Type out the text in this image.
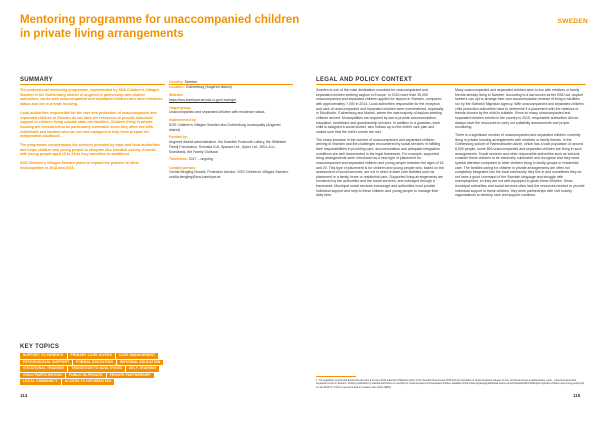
Mentoring programme for unaccompanied children in private living arrangements
SUMMARY

The professional mentoring programme, implemented by SOS Children's Villages Sweden in the Gothenburg district of Angered in partnership with district authorities, works with unaccompanied and separated children who have residence status and live in private housing.

Local authorities responsible for the care and protection of unaccompanied and separated children in Sweden do not have the resources to provide individual support to children living outside state-run facilities. Children living in private housing are considered to be particularly vulnerable since they often live with individuals and families who are not well-equipped to help them prepare for independent adulthood.

The programme complements the services provided by state and local authorities and helps children and young people to integrate into Swedish society. It works with young people aged 15 to 23 as they transition to adulthood.

SOS Children's Villages Sweden plans to expand the practice to other municipalities in 2018 and 2019.

Country: Sweden
Location: Gothenburg (Angered district)
Website:
https://sos-barnbyar.se/vad-vi-gor/i-sverige/
Target group:
Unaccompanied and separated children with residence status
Implemented by:
SOS Children's Villages Sweden and Gothenburg municipality (Angered district)
Funded by:
Angered district administration, the Swedish Postcode Lottery, the Stiftelsen Familj Foundation, Svenska ICA, Sparare Ltd., Ayton Ltd., DELLA Lt., Swedbank, the Family Olofsson
Timeframe: 2017 – ongoing
Contact person:
Cecilia Bergling Nunsöt, Protection Advisor, SOS Children's Villages Sweden, cecilia.bergling@sos-barnbyar.se
KEY TOPICS
SUPPORT TO PARENTS	PRIMARY CARE GIVERS	CASE MANAGEMENT
PSYCHOSOCIAL SUPPORT	FORMAL EDUCATION	INFORMAL EDUCATION
VOCATIONAL TRAINING	TRANSITION TO ADULTHOOD	SELF-TRAINING
CHILD PARTICIPATION	PUBLIC IN-PRIVATE	PRIVATE PARTNERSHIP
LOCAL COMMUNITY	ACCESS TO INFORMATION
114
SWEDEN
LEGAL AND POLICY CONTEXT

Sweden is one of the main destination countries for unaccompanied and separated children seeking asylum in Europe. In 2015 more than 35,000 unaccompanied and separated children applied for asylum in Sweden, compared with approximately 7,000 in 2014. Local authorities responsible for the reception and care of unaccompanied and separated children were overwhelmed, especially in Stockholm, Gothenburg and Malmö, where the vast majority of asylum-seeking children arrived. Municipalities are required by law to provide accommodation, education, healthcare and guardianship services. In addition to a guardian, each child is assigned a social worker, who follows up on the child's care plan and makes sure that the child's needs are met.

The sharp increase in the number of unaccompanied and separated children arriving in Sweden and the challenges encountered by social services in fulfilling their responsibilities in providing care, accommodation and adequate integration conditions are well documented in the legal framework. For example, supported living arrangements were introduced as a new type of placement for unaccompanied and separated children and young people between the ages of 16 and 20. This type of placement is for children and young people who, based on the assessment of social services, are not in need of state care facilities such as placement in a family home or residential care. Supported living arrangements are monitored by the authorities and the social services, and managed through a framework. Municipal social services encourage and authorities must provide individual support and help to these children and young people to manage their daily lives.

Many unaccompanied and separated children wish to live with relatives or family friends already living in Sweden. According to a law known as the EBO act, asylum seekers can opt to arrange their own accommodation instead of living in facilities run by the Swedish Migration Agency. With unaccompanied and separated children, child protection authorities have to determine if a placement with the relatives or friends chosen by the child is suitable. Since so many unaccompanied and separated children arrived in the country in 2015, responsible authorities did not always have the resources to carry out suitability assessments and proper monitoring.

There is a significant number of unaccompanied and separated children currently living in private housing arrangements with relatives or family friends. In the Gothenburg suburb of Hammarkullen alone, which has a total population of around 8,000 people, some 800 unaccompanied and separated children are living in such arrangements. Social services and other responsible authorities such as schools consider these children to be extremely vulnerable and recognise that they need special attention compared to other children living in family groups or residential care. The families caring for children in private arrangements are often not completely integrated into the local community they live in and sometimes they do not have a good command of the Swedish language and struggle with unemployment, so they are not well-equipped to guide these children. Since municipal authorities and social services often lack the resources needed to provide individual support to these children, they seek partnerships with civil society organisations to develop care and support solutions.

1. The legislative records and documents are from a 14 June 2016 statement 'Migration policy of the Swedish Government 2015 and the population of Unaccompanied refugee minors. Arrival as well as a parliamentary report - Unaccompanied and separated minors in Sweden.' Further publication by national authorities on reception of unaccompanied and separated children available at http://www.uppdragpsykiskhalsa.se/wp-content/uploads/2016/10/Report-migration-children-and-young-people.pdf

2. Law 2016:17; refers to reports of asylum seekers' own choice (EBO).

115
